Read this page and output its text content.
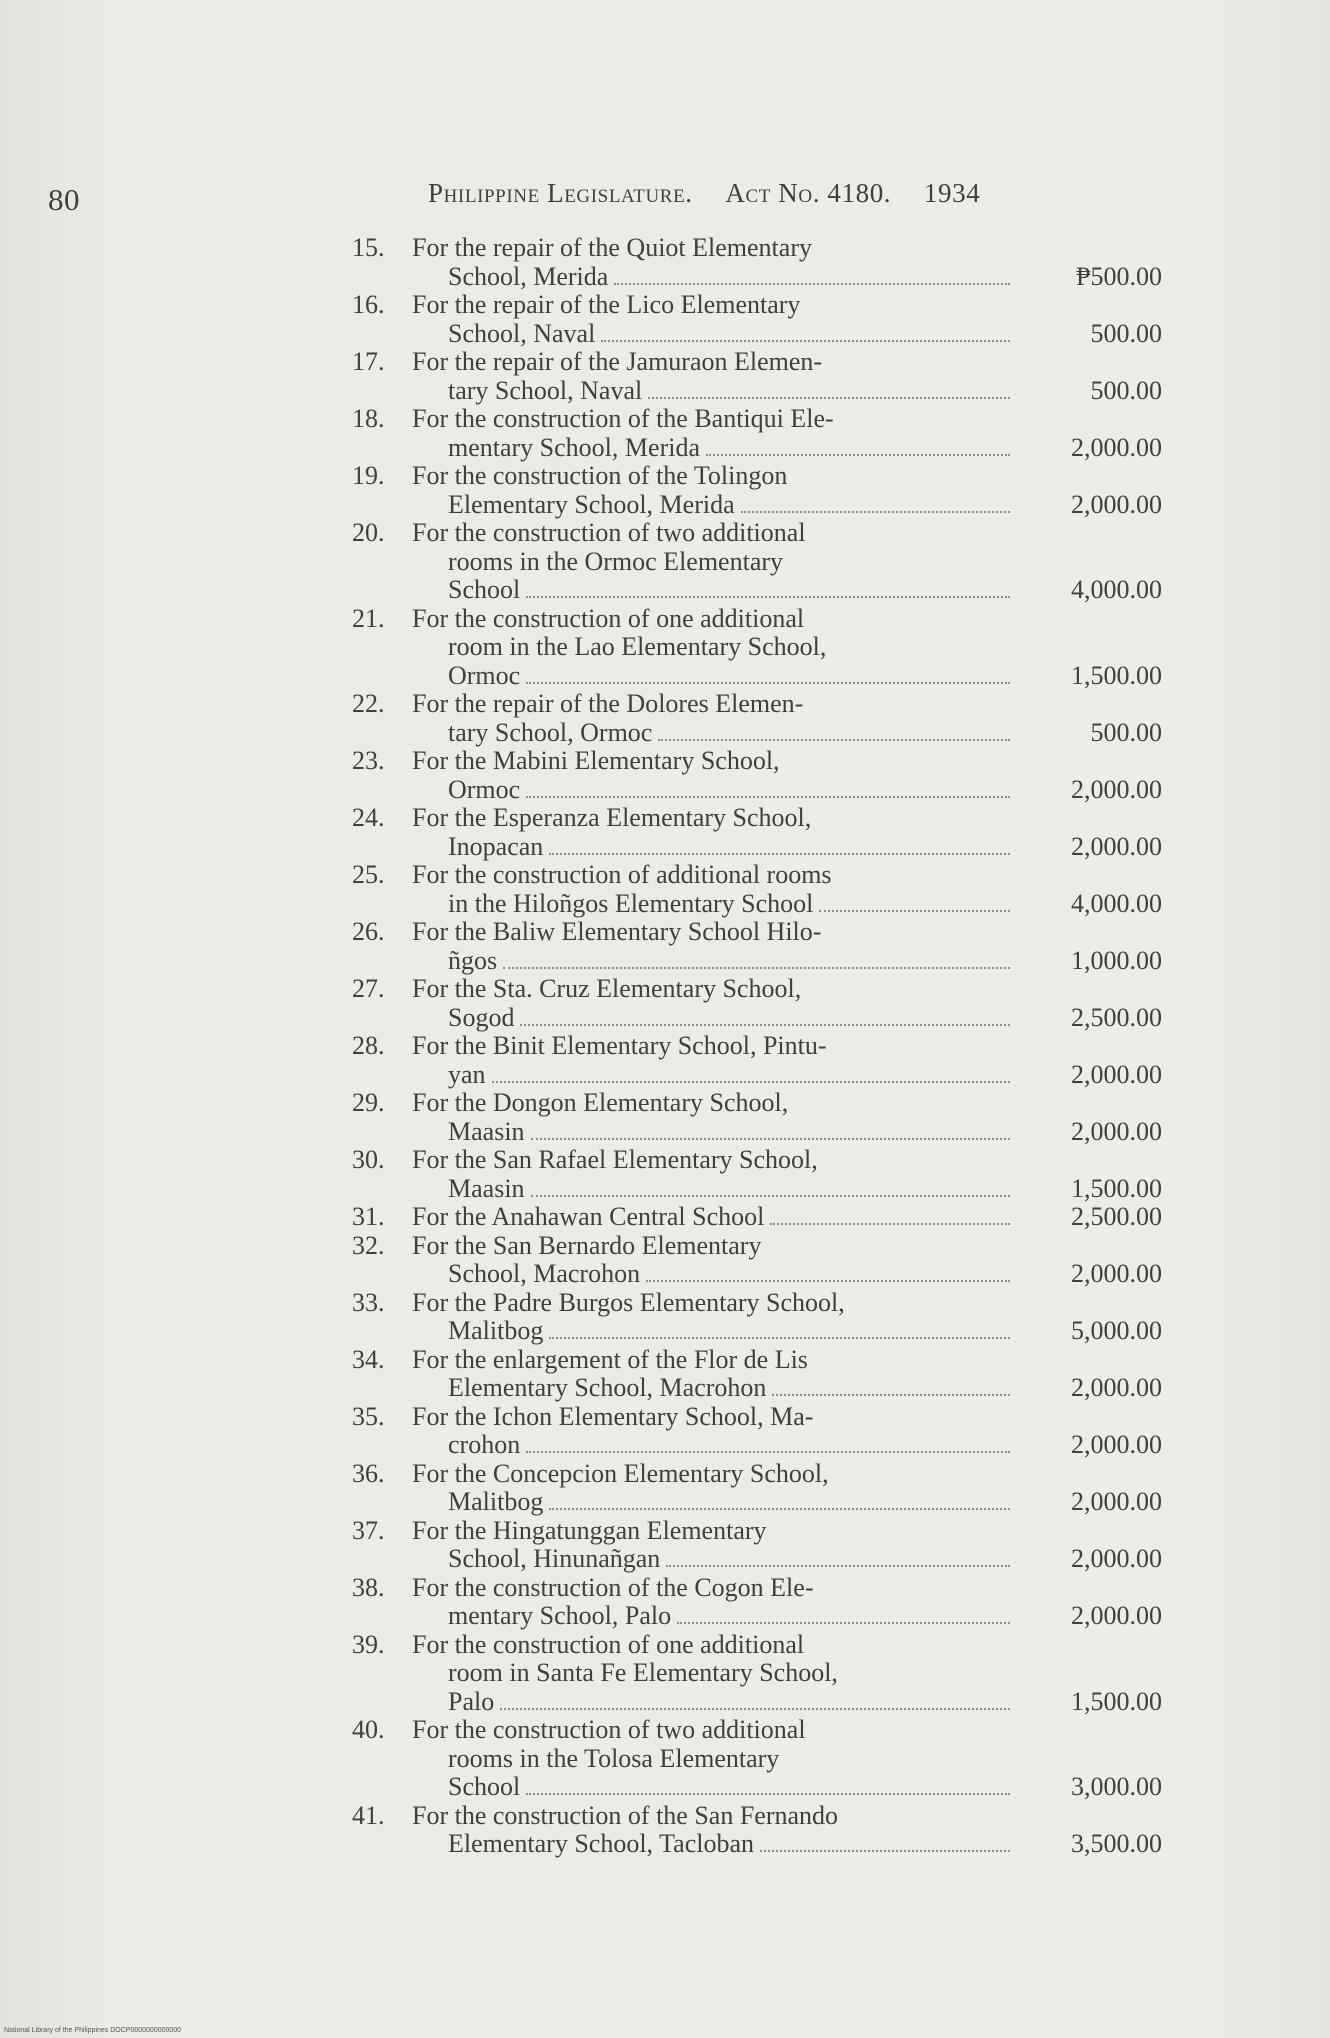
80	Philippine Legislature. Act No. 4180. 1934
15.	For the repair of the Quiot Elementary
School, Merida	₱500.00
16.	For the repair of the Lico Elementary
School, Naval	500.00
17.	For the repair of the Jamuraon Elemen-
tary School, Naval	500.00
18.	For the construction of the Bantiqui Ele-
mentary School, Merida	2,000.00
19.	For the construction of the Tolingon
Elementary School, Merida	2,000.00
20.	For the construction of two additional
rooms in the Ormoc Elementary
School	4,000.00
21.	For the construction of one additional
room in the Lao Elementary School,
Ormoc	1,500.00
22.	For the repair of the Dolores Elemen-
tary School, Ormoc	500.00
23.	For the Mabini Elementary School,
Ormoc	2,000.00
24.	For the Esperanza Elementary School,
Inopacan	2,000.00
25.	For the construction of additional rooms
in the Hiloñgos Elementary School	4,000.00
26.	For the Baliw Elementary School Hilo-
ñgos	1,000.00
27.	For the Sta. Cruz Elementary School,
Sogod	2,500.00
28.	For the Binit Elementary School, Pintu-
yan	2,000.00
29.	For the Dongon Elementary School,
Maasin	2,000.00
30.	For the San Rafael Elementary School,
Maasin	1,500.00
31.	For the Anahawan Central School	2,500.00
32.	For the San Bernardo Elementary
School, Macrohon	2,000.00
33.	For the Padre Burgos Elementary School,
Malitbog	5,000.00
34.	For the enlargement of the Flor de Lis
Elementary School, Macrohon	2,000.00
35.	For the Ichon Elementary School, Ma-
crohon	2,000.00
36.	For the Concepcion Elementary School,
Malitbog	2,000.00
37.	For the Hingatunggan Elementary
School, Hinunañgan	2,000.00
38.	For the construction of the Cogon Ele-
mentary School, Palo	2,000.00
39.	For the construction of one additional
room in Santa Fe Elementary School,
Palo	1,500.00
40.	For the construction of two additional
rooms in the Tolosa Elementary
School	3,000.00
41.	For the construction of the San Fernando
Elementary School, Tacloban	3,500.00
National Library of the Philippines DOCP0000000000000
